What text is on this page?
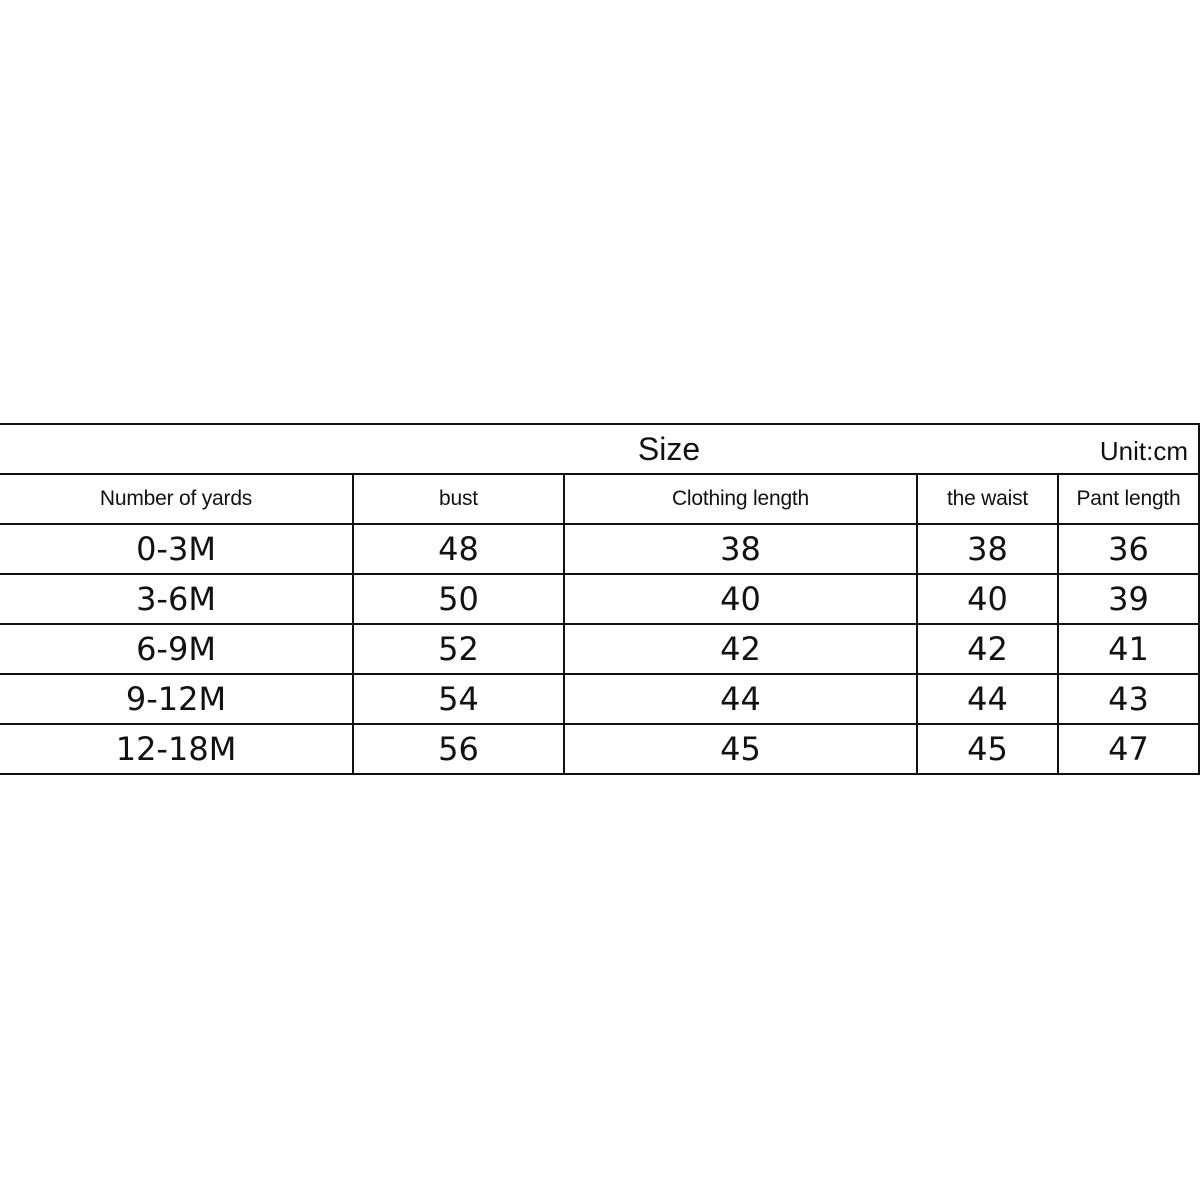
Size Unit:cm				

Number of yards	bust	Clothing length	the waist	Pant length
0-3M	48	38	38	36
3-6M	50	40	40	39
6-9M	52	42	42	41
9-12M	54	44	44	43
12-18M	56	45	45	47
